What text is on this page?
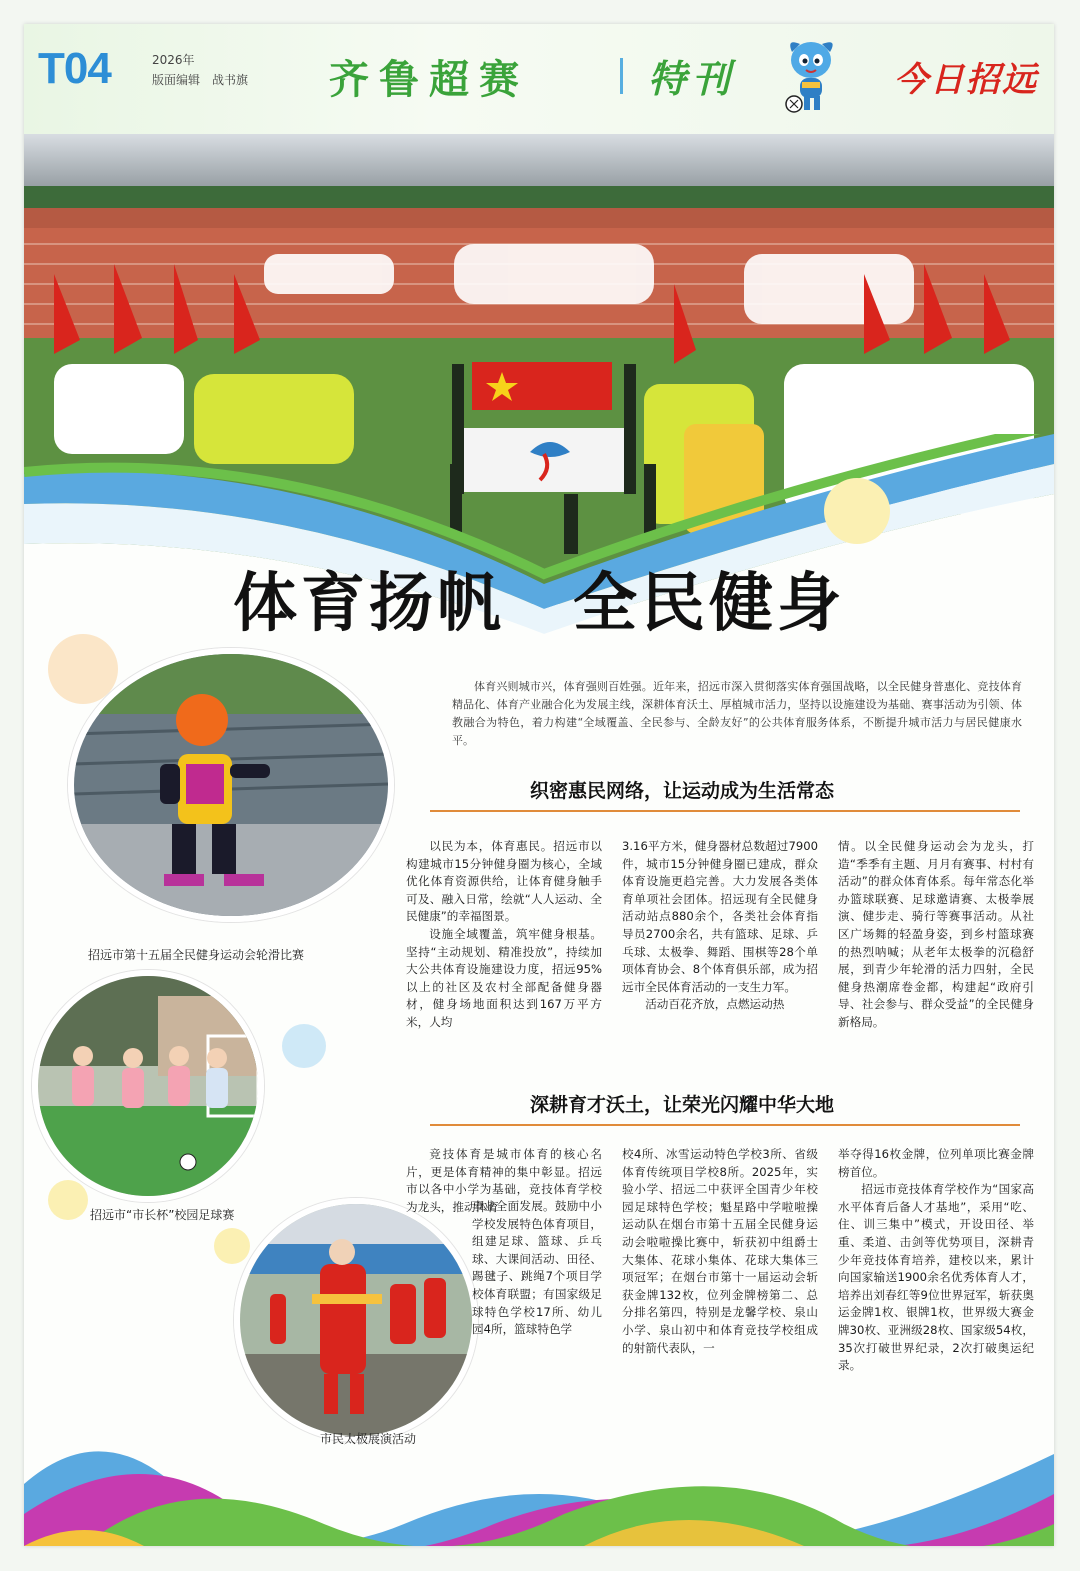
T04	2026年
版面编辑　战书旗 齐鲁超赛	特刊	今日招远
体育扬帆　全民健身
招远市第十五届全民健身运动会轮滑比赛
招远市“市长杯”校园足球赛
市民太极展演活动
体育兴则城市兴，体育强则百姓强。近年来，招远市深入贯彻落实体育强国战略，以全民健身普惠化、竞技体育精品化、体育产业融合化为发展主线，深耕体育沃土、厚植城市活力，坚持以设施建设为基础、赛事活动为引领、体教融合为特色，着力构建“全域覆盖、全民参与、全龄友好”的公共体育服务体系，不断提升城市活力与居民健康水平。
织密惠民网络，让运动成为生活常态

以民为本，体育惠民。招远市以构建城市15分钟健身圈为核心，全域优化体育资源供给，让体育健身触手可及、融入日常，绘就“人人运动、全民健康”的幸福图景。

设施全域覆盖，筑牢健身根基。坚持“主动规划、精准投放”，持续加大公共体育设施建设力度，招远95%以上的社区及农村全部配备健身器材，健身场地面积达到167万平方米，人均

3.16平方米，健身器材总数超过7900件，城市15分钟健身圈已建成，群众体育设施更趋完善。大力发展各类体育单项社会团体。招远现有全民健身活动站点880余个，各类社会体育指导员2700余名，共有篮球、足球、乒乓球、太极拳、舞蹈、围棋等28个单项体育协会、8个体育俱乐部，成为招远市全民体育活动的一支生力军。

活动百花齐放，点燃运动热

情。以全民健身运动会为龙头，打造“季季有主题、月月有赛事、村村有活动”的群众体育体系。每年常态化举办篮球联赛、足球邀请赛、太极拳展演、健步走、骑行等赛事活动。从社区广场舞的轻盈身姿，到乡村篮球赛的热烈呐喊；从老年太极拳的沉稳舒展，到青少年轮滑的活力四射，全民健身热潮席卷金都，构建起“政府引导、社会参与、群众受益”的全民健身新格局。

深耕育才沃土，让荣光闪耀中华大地

竞技体育是城市体育的核心名片，更是体育精神的集中彰显。招远市以各中小学为基础，竞技体育学校为龙头，推动体育

事业全面发展。鼓励中小学校发展特色体育项目，组建足球、篮球、乒乓球、大课间活动、田径、踢毽子、跳绳7个项目学校体育联盟；有国家级足球特色学校17所、幼儿园4所，篮球特色学

校4所、冰雪运动特色学校3所、省级体育传统项目学校8所。2025年，实验小学、招远二中获评全国青少年校园足球特色学校；魁星路中学啦啦操运动队在烟台市第十五届全民健身运动会啦啦操比赛中，斩获初中组爵士大集体、花球小集体、花球大集体三项冠军；在烟台市第十一届运动会斩获金牌132枚，位列金牌榜第二、总分排名第四，特别是龙馨学校、泉山小学、泉山初中和体育竞技学校组成的射箭代表队，一

举夺得16枚金牌，位列单项比赛金牌榜首位。

招远市竞技体育学校作为“国家高水平体育后备人才基地”，采用“吃、住、训三集中”模式，开设田径、举重、柔道、击剑等优势项目，深耕青少年竞技体育培养，建校以来，累计向国家输送1900余名优秀体育人才，培养出刘春红等9位世界冠军，斩获奥运金牌1枚、银牌1枚，世界级大赛金牌30枚、亚洲级28枚、国家级54枚，35次打破世界纪录，2次打破奥运纪录。
